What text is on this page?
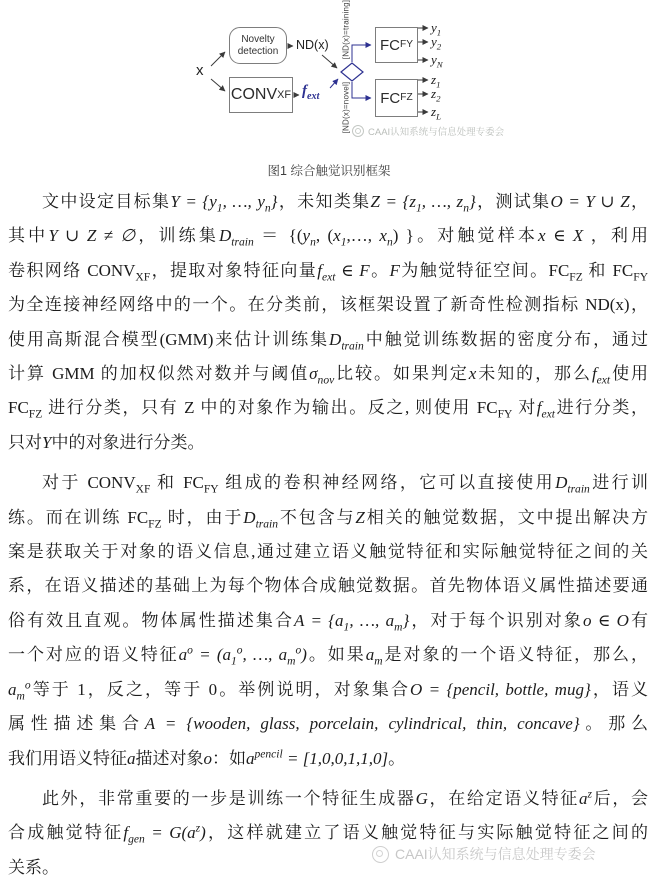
x
Novelty
detection ND(x)
CONV XF $f_{ext}$
[ND(x)=training]
[ND(x)=novel]
FC FY
FC FZ
$y_1$
$y_2$
$y_N$
$z_1$
$z_2$
$z_L$
CAAI认知系统与信息处理专委会
图1 综合触觉识别框架
文中设定目标集$Y = \{y_1$, …, $y_n$}，未知类集$Z = \{z_1$, …, $z_n$}，测试集O = Y ∪ Z，
其中Y ∪ Z ≠ ∅，训练集$D_{train} = \{(y_n$, ($x_1,\dots$, $x_n$) }。对触觉样本x ∈ X ，利用
卷积网络 $CONV_{XF}$，提取对象特征向量$f_{ext}$ ∈ F。F为触觉特征空间。$FC_{FZ}$ 和 $FC_{FY}$
为全连接神经网络中的一个。在分类前，该框架设置了新奇性检测指标 ND(x)，
使用高斯混合模型(GMM)来估计训练集$D_{train}$中触觉训练数据的密度分布，通过
计算 GMM 的加权似然对数并与阈值$\sigma_{nov}$比较。如果判定x未知的，那么$f_{ext}$使用
$FC_{FZ}$ 进行分类，只有 Z 中的对象作为输出。反之, 则使用 $FC_{FY}$ 对$f_{ext}$进行分类，
只对Y中的对象进行分类。
对于 $CONV_{XF}$ 和 $FC_{FY}$ 组成的卷积神经网络，它可以直接使用$D_{train}$进行训
练。而在训练 $FC_{FZ}$ 时，由于$D_{train}$不包含与Z相关的触觉数据，文中提出解决方
案是获取关于对象的语义信息,通过建立语义触觉特征和实际触觉特征之间的关
系，在语义描述的基础上为每个物体合成触觉数据。首先物体语义属性描述要通
俗有效且直观。物体属性描述集合$A = \{a_1$, …, $a_m$}，对于每个识别对象o ∈ O有
一个对应的语义特征$a^o = (a_1^o$, …, $a_m^o$)。如果$a_m$是对象的一个语义特征，那么，
$a_m^o$等于 1，反之，等于 0。举例说明，对象集合O = {pencil, bottle, mug}，语义
属性描述集合A = {wooden, glass, porcelain, cylindrical, thin, concave}。那么
我们用语义特征a描述对象o：如$a^{pencil} = [1,0,0,1,1,0]$。
此外，非常重要的一步是训练一个特征生成器G，在给定语义特征$a^z$后，会
合成触觉特征$f_{gen} = G(a^z)$，这样就建立了语义触觉特征与实际触觉特征之间的
关系。
CAAI认知系统与信息处理专委会
